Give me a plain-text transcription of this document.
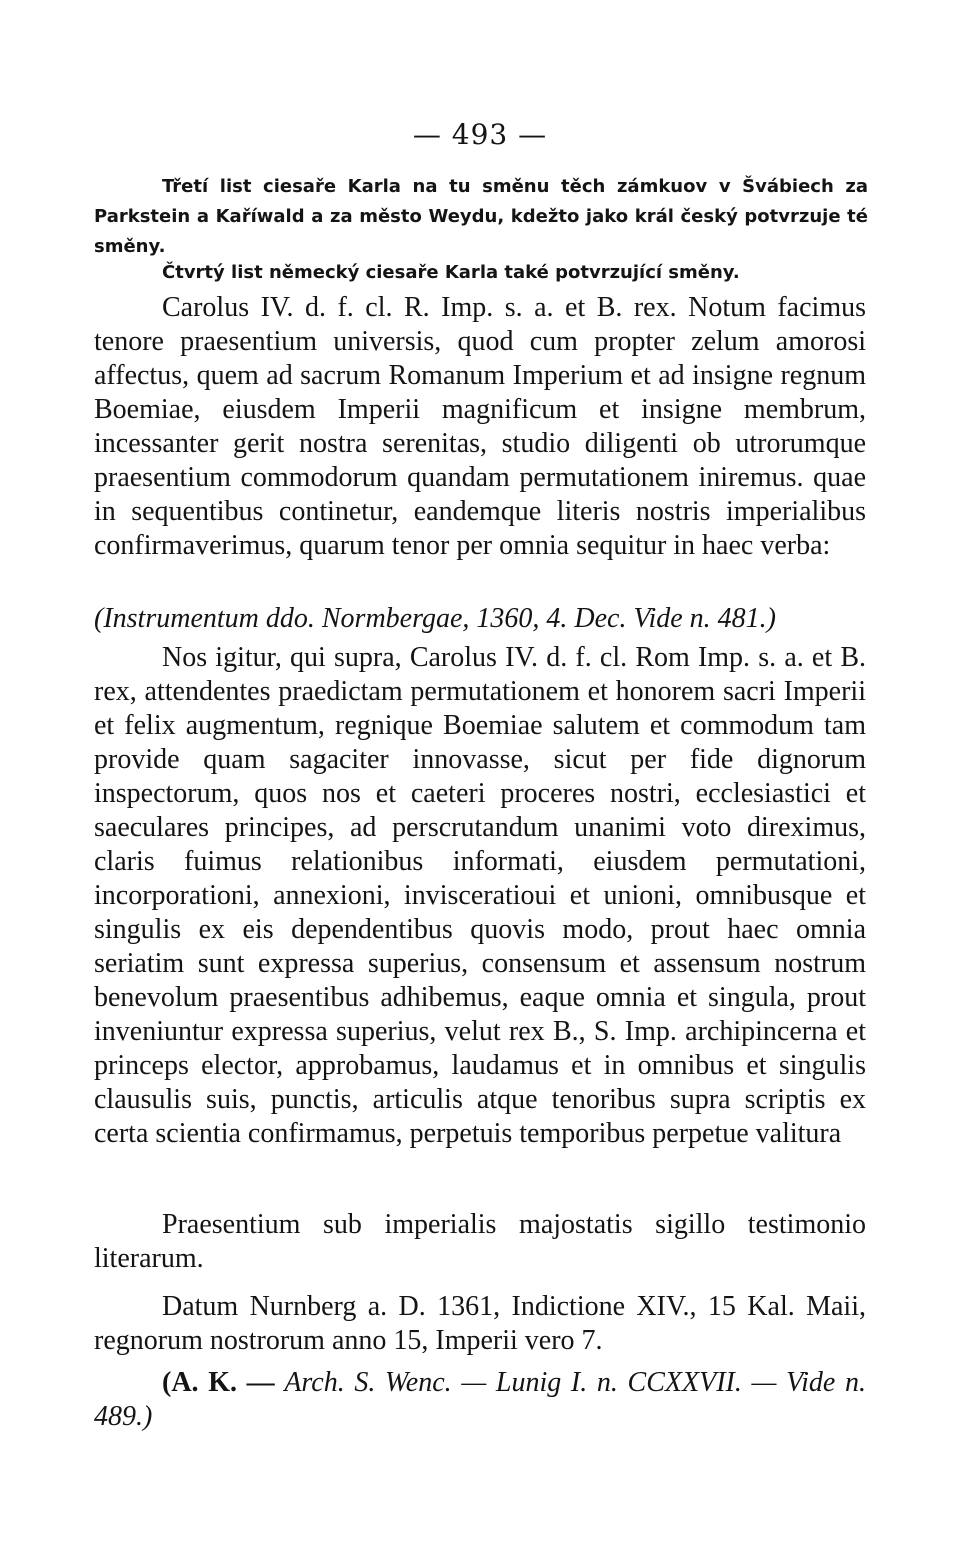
— 493 —
Třetí list ciesaře Karla na tu směnu těch zámkuov v Švábiech za Parkstein a Kaříwald a za město Weydu, kdežto jako král český potvrzuje té směny.
Čtvrtý list německý ciesaře Karla také potvrzující směny.
Carolus IV. d. f. cl. R. Imp. s. a. et B. rex. Notum facimus tenore praesentium universis, quod cum propter zelum amorosi affectus, quem ad sacrum Romanum Imperium et ad insigne regnum Boemiae, eiusdem Imperii magnificum et insigne membrum, incessanter gerit nostra serenitas, studio diligenti ob utrorumque praesentium commodorum quandam permutationem iniremus. quae in sequentibus continetur, eandemque literis nostris imperialibus confirmaverimus, quarum tenor per omnia sequitur in haec verba:
(Instrumentum ddo. Normbergae, 1360, 4. Dec. Vide n. 481.)
Nos igitur, qui supra, Carolus IV. d. f. cl. Rom Imp. s. a. et B. rex, attendentes praedictam permutationem et honorem sacri Imperii et felix augmentum, regnique Boemiae salutem et commodum tam provide quam sagaciter innovasse, sicut per fide dignorum inspectorum, quos nos et caeteri proceres nostri, ecclesiastici et saeculares principes, ad perscrutandum unanimi voto direximus, claris fuimus relationibus informati, eiusdem permutationi, incorporationi, annexioni, invisceratioui et unioni, omnibusque et singulis ex eis dependentibus quovis modo, prout haec omnia seriatim sunt expressa superius, consensum et assensum nostrum benevolum praesentibus adhibemus, eaque omnia et singula, prout inveniuntur expressa superius, velut rex B., S. Imp. archipincerna et princeps elector, approbamus, laudamus et in omnibus et singulis clausulis suis, punctis, articulis atque tenoribus supra scriptis ex certa scientia confirmamus, perpetuis temporibus perpetue valitura
Praesentium sub imperialis majostatis sigillo testimonio literarum.
Datum Nurnberg a. D. 1361, Indictione XIV., 15 Kal. Maii, regnorum nostrorum anno 15, Imperii vero 7.
(A. K. — Arch. S. Wenc. — Lunig I. n. CCXXVII. — Vide n. 489.)
